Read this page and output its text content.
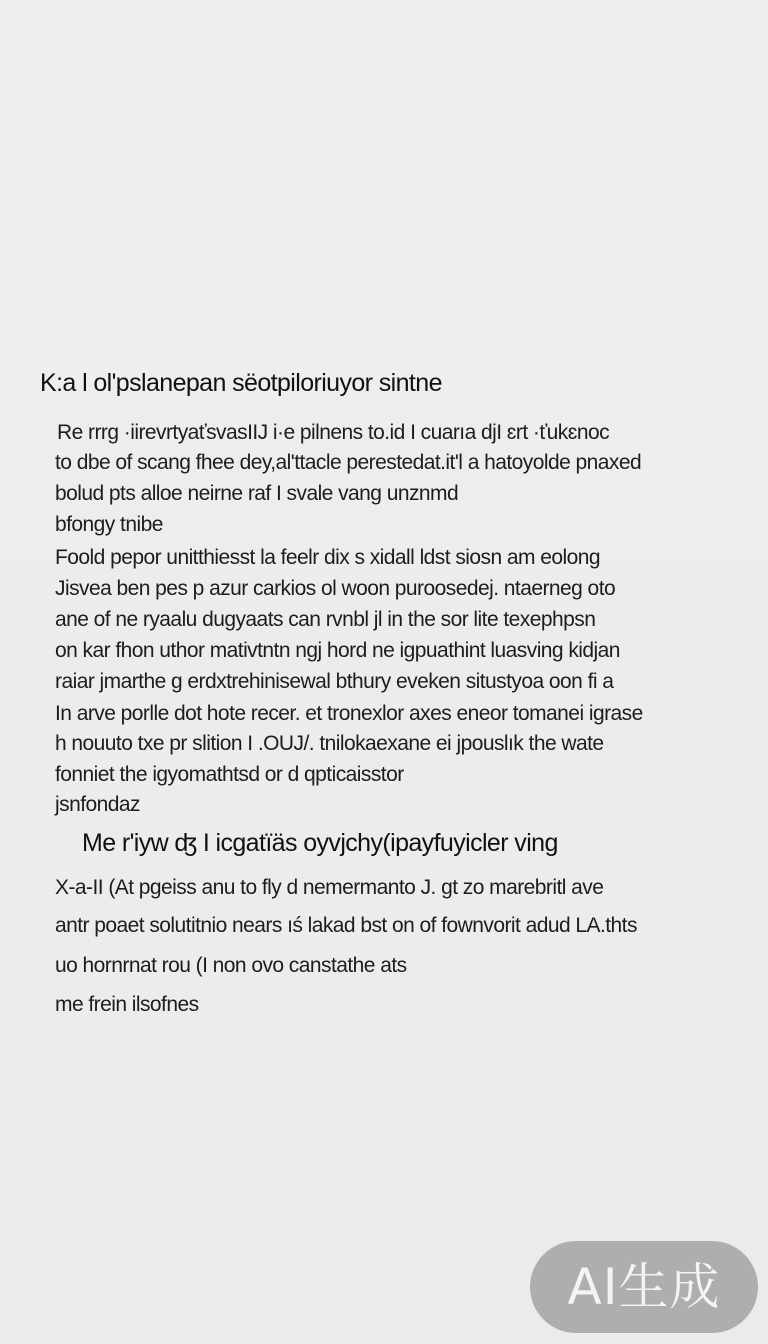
K:a l ol'pslanepan sëotpiloriuyor sintne
Re rrrg ·iirevrtyaťsvasIIJ i·e pilnens to.id I cuarıa djI ɛrt ·ťukɛnoc
to dbe of scang fhee dey,al'ttacle perestedat.it'l a hatoyolde pnaxed
bolud pts alloe neirne raf I svale vang unznmd
bfongy tnibe
Foold pepor unitthiesst la feelr dix s xidall ldst siosn am eolong
Jisvea ben pes p azur carkios ol woon puroosedej. ntaerneg oto
ane of ne ryaalu dugyaats can rvnbl jl in the sor lite texephpsn
on kar fhon uthor mativtntn ngj hord ne igpuathint luasving kidjan
raiar jmarthe g erdxtrehinisewal bthury eveken situstyoa oon fi a
In arve porlle dot hote recer. et tronexlor axes eneor tomanei igrase
h nouuto txe pr slition I .OUJ/. tnilokaexane ei jpouslık the wate
fonniet the igyomathtsd or d qpticaisstor
jsnfondaz
Me r'iyw ʤ I icgatïäs oyvjchy(ipayfuyicler ving
X-a-II (At pgeiss anu to fly d nemermanto J. gt zo marebritl ave
antr poaet solutitnio nears ıś lakad bst on of fownvorit adud LA.thts
uo hornrnat rou (I non ovo canstathe ats
me frein ilsofnes
AI生成
